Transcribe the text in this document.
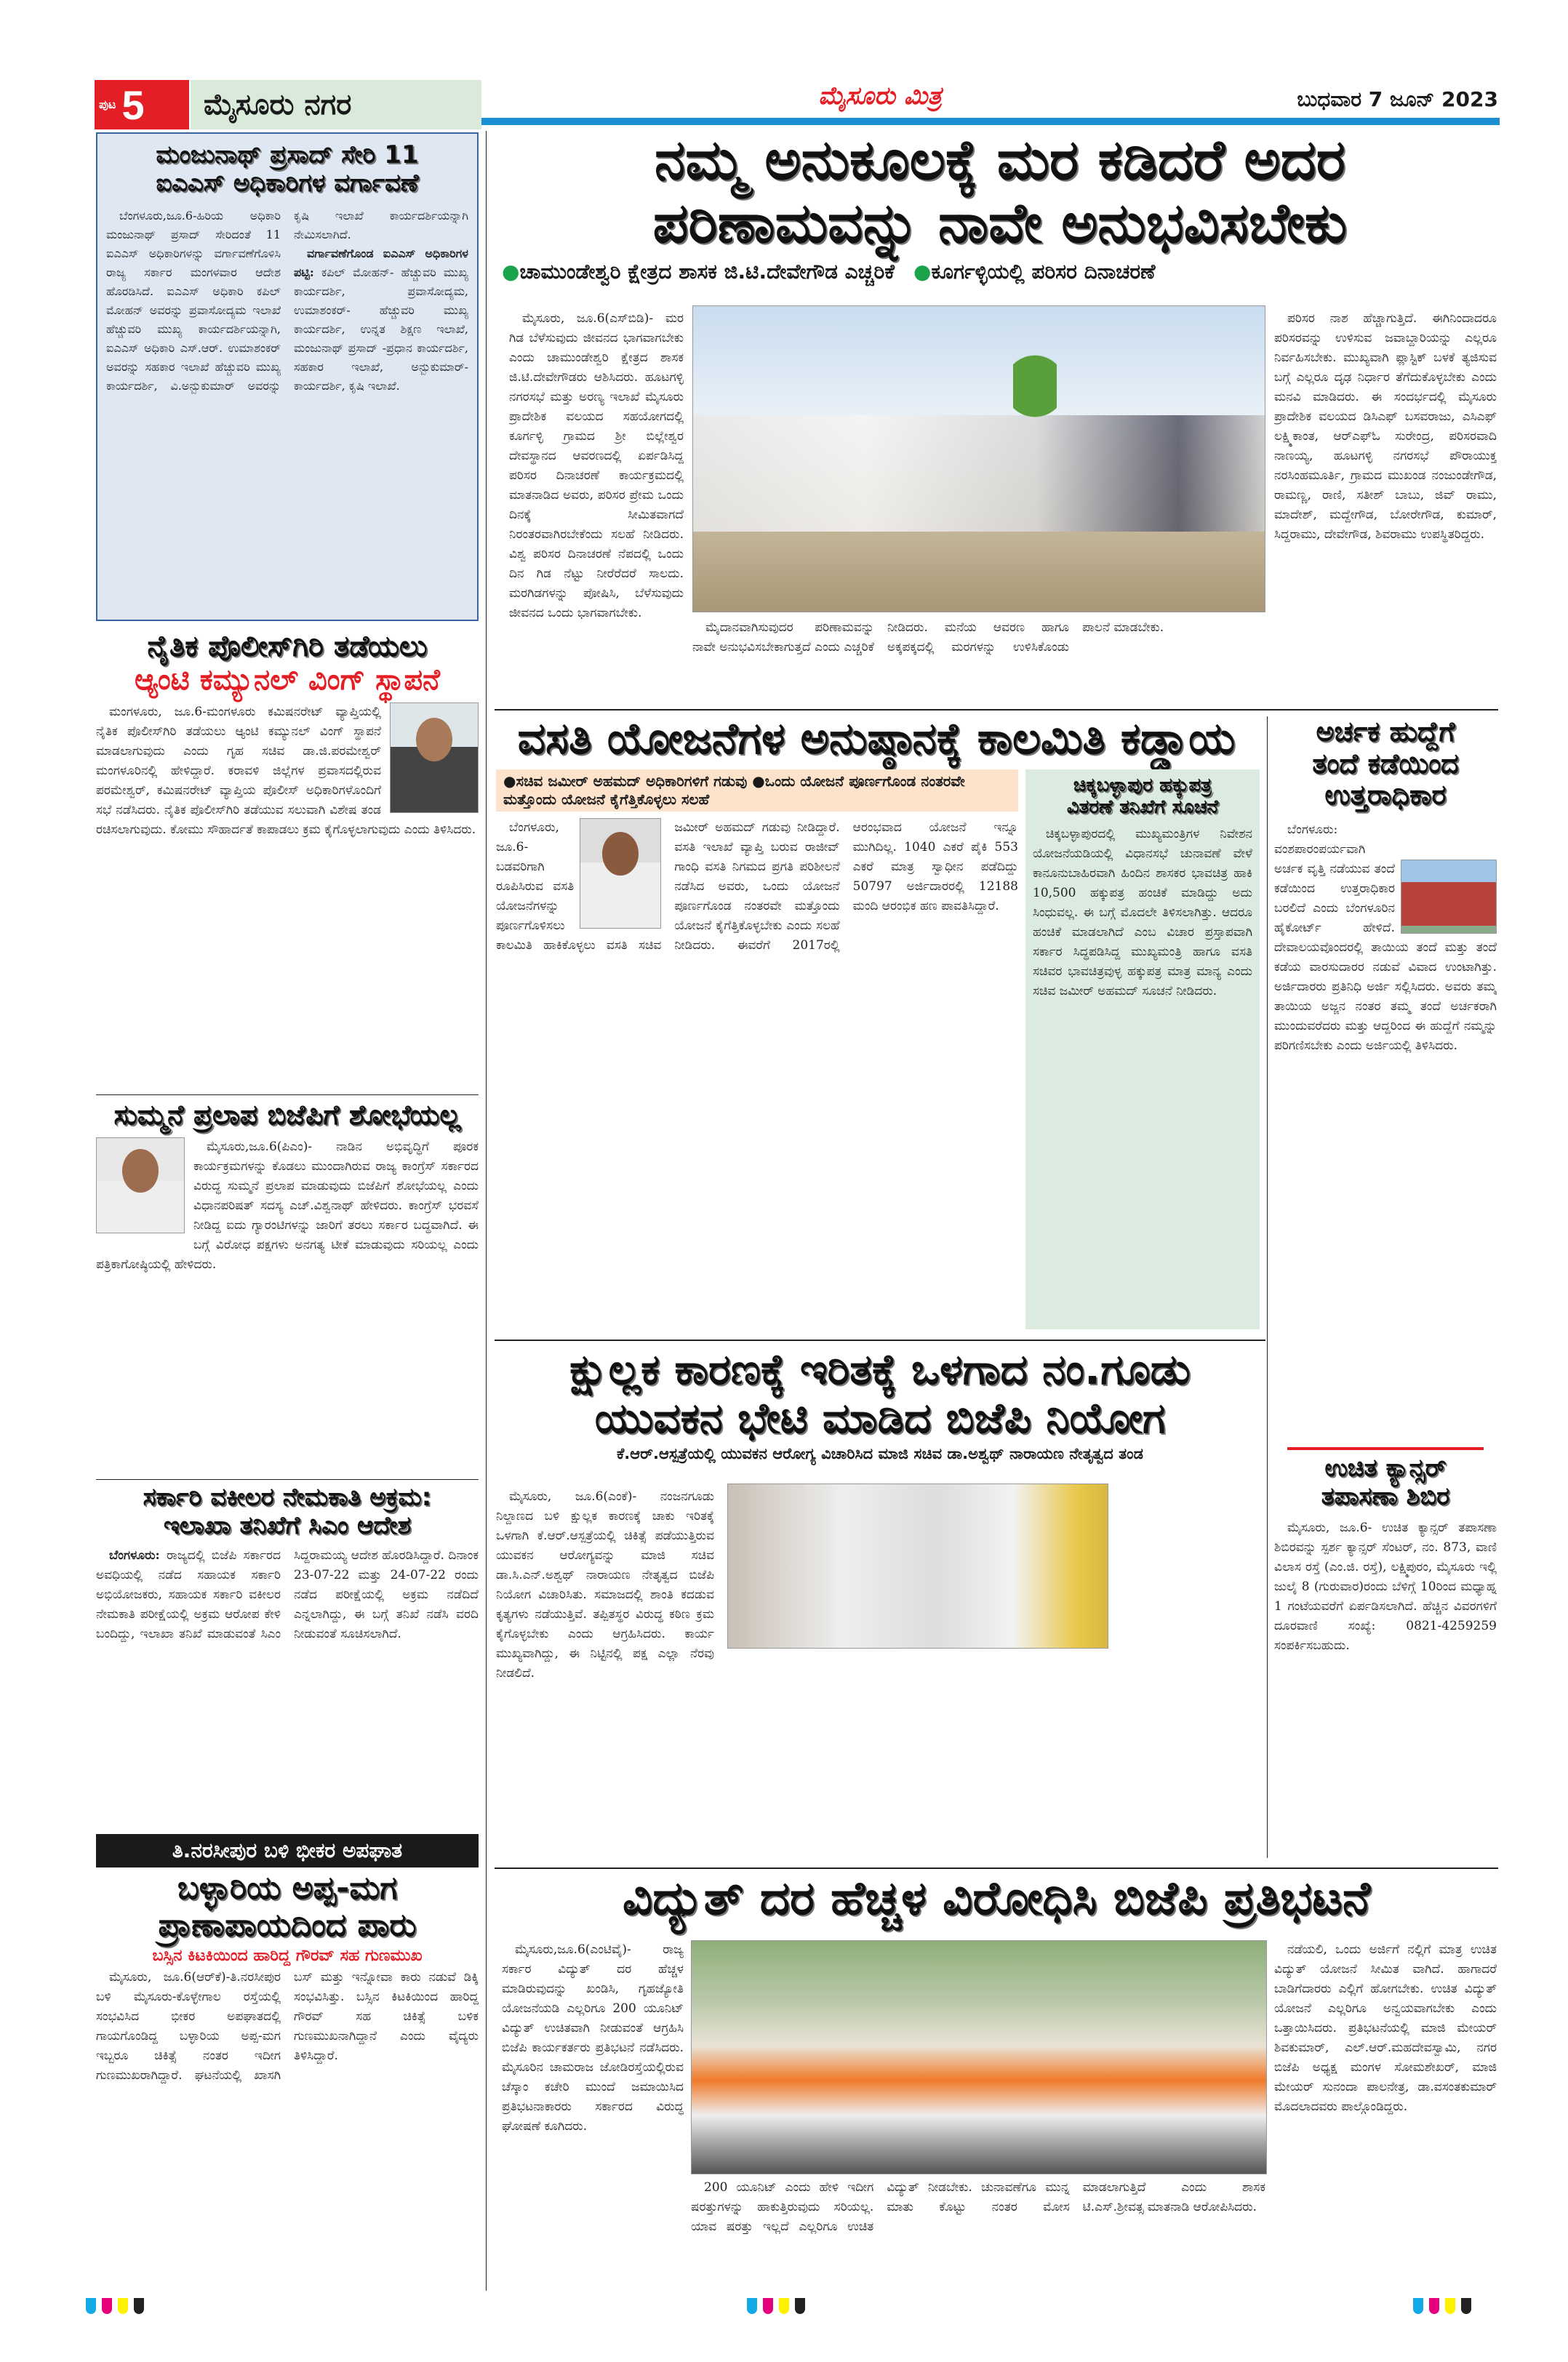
ಪುಟ 5 ಮೈಸೂರು ನಗರ	ಮೈಸೂರು ಮಿತ್ರ	ಬುಧವಾರ 7 ಜೂನ್ 2023
ಮಂಜುನಾಥ್ ಪ್ರಸಾದ್ ಸೇರಿ 11
ಐಎಎಸ್ ಅಧಿಕಾರಿಗಳ ವರ್ಗಾವಣೆ

ಬೆಂಗಳೂರು,ಜೂ.6-ಹಿರಿಯ ಅಧಿಕಾರಿ ಮಂಜುನಾಥ್ ಪ್ರಸಾದ್ ಸೇರಿದಂತೆ 11 ಐಎಎಸ್ ಅಧಿಕಾರಿಗಳನ್ನು ವರ್ಗಾವಣೆಗೊಳಿಸಿ ರಾಜ್ಯ ಸರ್ಕಾರ ಮಂಗಳವಾರ ಆದೇಶ ಹೊರಡಿಸಿದೆ. ಐಎಎಸ್ ಅಧಿಕಾರಿ ಕಪಿಲ್ ಮೋಹನ್ ಅವರನ್ನು ಪ್ರವಾಸೋದ್ಯಮ ಇಲಾಖೆ ಹೆಚ್ಚುವರಿ ಮುಖ್ಯ ಕಾರ್ಯದರ್ಶಿಯನ್ನಾಗಿ, ಐಎಎಸ್ ಅಧಿಕಾರಿ ಎಸ್.ಆರ್. ಉಮಾಶಂಕರ್ ಅವರನ್ನು ಸಹಕಾರ ಇಲಾಖೆ ಹೆಚ್ಚುವರಿ ಮುಖ್ಯ ಕಾರ್ಯದರ್ಶಿ, ವಿ.ಅನ್ಬುಕುಮಾರ್ ಅವರನ್ನು ಕೃಷಿ ಇಲಾಖೆ ಕಾರ್ಯದರ್ಶಿಯನ್ನಾಗಿ ನೇಮಿಸಲಾಗಿದೆ.

ವರ್ಗಾವಣೆಗೊಂಡ ಐಎಎಸ್ ಅಧಿಕಾರಿಗಳ ಪಟ್ಟಿ: ಕಪಿಲ್ ಮೋಹನ್- ಹೆಚ್ಚುವರಿ ಮುಖ್ಯ ಕಾರ್ಯದರ್ಶಿ, ಪ್ರವಾಸೋದ್ಯಮ, ಉಮಾಶಂಕರ್- ಹೆಚ್ಚುವರಿ ಮುಖ್ಯ ಕಾರ್ಯದರ್ಶಿ, ಉನ್ನತ ಶಿಕ್ಷಣ ಇಲಾಖೆ, ಮಂಜುನಾಥ್ ಪ್ರಸಾದ್ -ಪ್ರಧಾನ ಕಾರ್ಯದರ್ಶಿ, ಸಹಕಾರ ಇಲಾಖೆ, ಅನ್ಬುಕುಮಾರ್- ಕಾರ್ಯದರ್ಶಿ, ಕೃಷಿ ಇಲಾಖೆ.

ನೈತಿಕ ಪೊಲೀಸ್‌ಗಿರಿ ತಡೆಯಲು
ಆ್ಯಂಟಿ ಕಮ್ಯುನಲ್ ವಿಂಗ್ ಸ್ಥಾಪನೆ

ಮಂಗಳೂರು, ಜೂ.6-ಮಂಗಳೂರು ಕಮಿಷನರೇಟ್ ವ್ಯಾಪ್ತಿಯಲ್ಲಿ ನೈತಿಕ ಪೊಲೀಸ್‌ಗಿರಿ ತಡೆಯಲು ಆ್ಯಂಟಿ ಕಮ್ಯುನಲ್ ವಿಂಗ್ ಸ್ಥಾಪನೆ ಮಾಡಲಾಗುವುದು ಎಂದು ಗೃಹ ಸಚಿವ ಡಾ.ಜಿ.ಪರಮೇಶ್ವರ್ ಮಂಗಳೂರಿನಲ್ಲಿ ಹೇಳಿದ್ದಾರೆ. ಕರಾವಳಿ ಜಿಲ್ಲೆಗಳ ಪ್ರವಾಸದಲ್ಲಿರುವ ಪರಮೇಶ್ವರ್, ಕಮಿಷನರೇಟ್ ವ್ಯಾಪ್ತಿಯ ಪೊಲೀಸ್ ಅಧಿಕಾರಿಗಳೊಂದಿಗೆ ಸಭೆ ನಡೆಸಿದರು. ನೈತಿಕ ಪೊಲೀಸ್‌ಗಿರಿ ತಡೆಯುವ ಸಲುವಾಗಿ ವಿಶೇಷ ತಂಡ ರಚಿಸಲಾಗುವುದು. ಕೋಮು ಸೌಹಾರ್ದತೆ ಕಾಪಾಡಲು ಕ್ರಮ ಕೈಗೊಳ್ಳಲಾಗುವುದು ಎಂದು ತಿಳಿಸಿದರು.

ಸುಮ್ಮನೆ ಪ್ರಲಾಪ ಬಿಜೆಪಿಗೆ ಶೋಭೆಯಲ್ಲ

ಮೈಸೂರು,ಜೂ.6(ಪಿಎಂ)- ನಾಡಿನ ಅಭಿವೃದ್ಧಿಗೆ ಪೂರಕ ಕಾರ್ಯಕ್ರಮಗಳನ್ನು ಕೊಡಲು ಮುಂದಾಗಿರುವ ರಾಜ್ಯ ಕಾಂಗ್ರೆಸ್ ಸರ್ಕಾರದ ವಿರುದ್ಧ ಸುಮ್ಮನೆ ಪ್ರಲಾಪ ಮಾಡುವುದು ಬಿಜೆಪಿಗೆ ಶೋಭೆಯಲ್ಲ ಎಂದು ವಿಧಾನಪರಿಷತ್ ಸದಸ್ಯ ಎಚ್.ವಿಶ್ವನಾಥ್ ಹೇಳಿದರು. ಕಾಂಗ್ರೆಸ್ ಭರವಸೆ ನೀಡಿದ್ದ ಐದು ಗ್ಯಾರಂಟಿಗಳನ್ನು ಜಾರಿಗೆ ತರಲು ಸರ್ಕಾರ ಬದ್ಧವಾಗಿದೆ. ಈ ಬಗ್ಗೆ ವಿರೋಧ ಪಕ್ಷಗಳು ಅನಗತ್ಯ ಟೀಕೆ ಮಾಡುವುದು ಸರಿಯಲ್ಲ ಎಂದು ಪತ್ರಿಕಾಗೋಷ್ಠಿಯಲ್ಲಿ ಹೇಳಿದರು.

ಸರ್ಕಾರಿ ವಕೀಲರ ನೇಮಕಾತಿ ಅಕ್ರಮ:
ಇಲಾಖಾ ತನಿಖೆಗೆ ಸಿಎಂ ಆದೇಶ

ಬೆಂಗಳೂರು: ರಾಜ್ಯದಲ್ಲಿ ಬಿಜೆಪಿ ಸರ್ಕಾರದ ಅವಧಿಯಲ್ಲಿ ನಡೆದ ಸಹಾಯಕ ಸರ್ಕಾರಿ ಅಭಿಯೋಜಕರು, ಸಹಾಯಕ ಸರ್ಕಾರಿ ವಕೀಲರ ನೇಮಕಾತಿ ಪರೀಕ್ಷೆಯಲ್ಲಿ ಅಕ್ರಮ ಆರೋಪ ಕೇಳಿ ಬಂದಿದ್ದು, ಇಲಾಖಾ ತನಿಖೆ ಮಾಡುವಂತೆ ಸಿಎಂ ಸಿದ್ದರಾಮಯ್ಯ ಆದೇಶ ಹೊರಡಿಸಿದ್ದಾರೆ. ದಿನಾಂಕ 23-07-22 ಮತ್ತು 24-07-22 ರಂದು ನಡೆದ ಪರೀಕ್ಷೆಯಲ್ಲಿ ಅಕ್ರಮ ನಡೆದಿದೆ ಎನ್ನಲಾಗಿದ್ದು, ಈ ಬಗ್ಗೆ ತನಿಖೆ ನಡೆಸಿ ವರದಿ ನೀಡುವಂತೆ ಸೂಚಿಸಲಾಗಿದೆ.

ತಿ.ನರಸೀಪುರ ಬಳಿ ಭೀಕರ ಅಪಘಾತ
ಬಳ್ಳಾರಿಯ ಅಪ್ಪ-ಮಗ
ಪ್ರಾಣಾಪಾಯದಿಂದ ಪಾರು
ಬಸ್ಸಿನ ಕಿಟಕಿಯಿಂದ ಹಾರಿದ್ದ ಗೌರವ್ ಸಹ ಗುಣಮುಖ

ಮೈಸೂರು, ಜೂ.6(ಆರ್‌ಕೆ)-ತಿ.ನರಸೀಪುರ ಬಳಿ ಮೈಸೂರು-ಕೊಳ್ಳೇಗಾಲ ರಸ್ತೆಯಲ್ಲಿ ಸಂಭವಿಸಿದ ಭೀಕರ ಅಪಘಾತದಲ್ಲಿ ಗಾಯಗೊಂಡಿದ್ದ ಬಳ್ಳಾರಿಯ ಅಪ್ಪ-ಮಗ ಇಬ್ಬರೂ ಚಿಕಿತ್ಸೆ ನಂತರ ಇದೀಗ ಗುಣಮುಖರಾಗಿದ್ದಾರೆ. ಘಟನೆಯಲ್ಲಿ ಖಾಸಗಿ ಬಸ್ ಮತ್ತು ಇನ್ನೋವಾ ಕಾರು ನಡುವೆ ಡಿಕ್ಕಿ ಸಂಭವಿಸಿತ್ತು. ಬಸ್ಸಿನ ಕಿಟಕಿಯಿಂದ ಹಾರಿದ್ದ ಗೌರವ್ ಸಹ ಚಿಕಿತ್ಸೆ ಬಳಿಕ ಗುಣಮುಖನಾಗಿದ್ದಾನೆ ಎಂದು ವೈದ್ಯರು ತಿಳಿಸಿದ್ದಾರೆ.

ನಮ್ಮ ಅನುಕೂಲಕ್ಕೆ ಮರ ಕಡಿದರೆ ಅದರ
ಪರಿಣಾಮವನ್ನು ನಾವೇ ಅನುಭವಿಸಬೇಕು
●ಚಾಮುಂಡೇಶ್ವರಿ ಕ್ಷೇತ್ರದ ಶಾಸಕ ಜಿ.ಟಿ.ದೇವೇಗೌಡ ಎಚ್ಚರಿಕೆ ●ಕೂರ್ಗಳ್ಳಿಯಲ್ಲಿ ಪರಿಸರ ದಿನಾಚರಣೆ

ಮೈಸೂರು, ಜೂ.6(ಎಸ್‌ಬಿಡಿ)- ಮರ ಗಿಡ ಬೆಳೆಸುವುದು ಜೀವನದ ಭಾಗವಾಗಬೇಕು ಎಂದು ಚಾಮುಂಡೇಶ್ವರಿ ಕ್ಷೇತ್ರದ ಶಾಸಕ ಜಿ.ಟಿ.ದೇವೇಗೌಡರು ಆಶಿಸಿದರು. ಹೂಟಗಳ್ಳಿ ನಗರಸಭೆ ಮತ್ತು ಅರಣ್ಯ ಇಲಾಖೆ ಮೈಸೂರು ಪ್ರಾದೇಶಿಕ ವಲಯದ ಸಹಯೋಗದಲ್ಲಿ ಕೂರ್ಗಳ್ಳಿ ಗ್ರಾಮದ ಶ್ರೀ ಬಿಲ್ಲೇಶ್ವರ ದೇವಸ್ಥಾನದ ಆವರಣದಲ್ಲಿ ಏರ್ಪಡಿಸಿದ್ದ ಪರಿಸರ ದಿನಾಚರಣೆ ಕಾರ್ಯಕ್ರಮದಲ್ಲಿ ಮಾತನಾಡಿದ ಅವರು, ಪರಿಸರ ಪ್ರೇಮ ಒಂದು ದಿನಕ್ಕೆ ಸೀಮಿತವಾಗದೆ ನಿರಂತರವಾಗಿರಬೇಕೆಂದು ಸಲಹೆ ನೀಡಿದರು. ವಿಶ್ವ ಪರಿಸರ ದಿನಾಚರಣೆ ನೆಪದಲ್ಲಿ ಒಂದು ದಿನ ಗಿಡ ನೆಟ್ಟು ನೀರೆರೆದರೆ ಸಾಲದು. ಮರಗಿಡಗಳನ್ನು ಪೋಷಿಸಿ, ಬೆಳೆಸುವುದು ಜೀವನದ ಒಂದು ಭಾಗವಾಗಬೇಕು.

ಮೈದಾನವಾಗಿಸುವುದರ ಪರಿಣಾಮವನ್ನು ನಾವೇ ಅನುಭವಿಸಬೇಕಾಗುತ್ತದೆ ಎಂದು ಎಚ್ಚರಿಕೆ ನೀಡಿದರು. ಮನೆಯ ಆವರಣ ಹಾಗೂ ಅಕ್ಕಪಕ್ಕದಲ್ಲಿ ಮರಗಳನ್ನು ಉಳಿಸಿಕೊಂಡು ಪಾಲನೆ ಮಾಡಬೇಕು.

ಪರಿಸರ ನಾಶ ಹೆಚ್ಚಾಗುತ್ತಿದೆ. ಈಗಿನಿಂದಾದರೂ ಪರಿಸರವನ್ನು ಉಳಿಸುವ ಜವಾಬ್ದಾರಿಯನ್ನು ಎಲ್ಲರೂ ನಿರ್ವಹಿಸಬೇಕು. ಮುಖ್ಯವಾಗಿ ಪ್ಲಾಸ್ಟಿಕ್ ಬಳಕೆ ತ್ಯಜಿಸುವ ಬಗ್ಗೆ ಎಲ್ಲರೂ ದೃಢ ನಿರ್ಧಾರ ತೆಗೆದುಕೊಳ್ಳಬೇಕು ಎಂದು ಮನವಿ ಮಾಡಿದರು. ಈ ಸಂದರ್ಭದಲ್ಲಿ ಮೈಸೂರು ಪ್ರಾದೇಶಿಕ ವಲಯದ ಡಿಸಿಎಫ್ ಬಸವರಾಜು, ಎಸಿಎಫ್ ಲಕ್ಷ್ಮಿಕಾಂತ, ಆರ್‌ಎಫ್‌ಓ ಸುರೇಂದ್ರ, ಪರಿಸರವಾದಿ ನಾಣಯ್ಯ, ಹೂಟಗಳ್ಳಿ ನಗರಸಭೆ ಪೌರಾಯುಕ್ತ ನರಸಿಂಹಮೂರ್ತಿ, ಗ್ರಾಮದ ಮುಖಂಡ ನಂಜುಂಡೇಗೌಡ, ರಾಮಣ್ಣ, ರಾಣಿ, ಸತೀಶ್ ಬಾಬು, ಜಿವ್ ರಾಮು, ಮಾದೇಶ್, ಮದ್ದೇಗೌಡ, ಬೋರೇಗೌಡ, ಕುಮಾರ್, ಸಿದ್ದರಾಮು, ದೇವೇಗೌಡ, ಶಿವರಾಮು ಉಪಸ್ಥಿತರಿದ್ದರು.

ವಸತಿ ಯೋಜನೆಗಳ ಅನುಷ್ಠಾನಕ್ಕೆ ಕಾಲಮಿತಿ ಕಡ್ಡಾಯ
●ಸಚಿವ ಜಮೀರ್ ಅಹಮದ್ ಅಧಿಕಾರಿಗಳಿಗೆ ಗಡುವು ●ಒಂದು ಯೋಜನೆ ಪೂರ್ಣಗೊಂಡ ನಂತರವೇ ಮತ್ತೊಂದು ಯೋಜನೆ ಕೈಗೆತ್ತಿಕೊಳ್ಳಲು ಸಲಹೆ

ಬೆಂಗಳೂರು, ಜೂ.6- ಬಡವರಿಗಾಗಿ ರೂಪಿಸಿರುವ ವಸತಿ ಯೋಜನೆಗಳನ್ನು ಪೂರ್ಣಗೊಳಿಸಲು ಕಾಲಮಿತಿ ಹಾಕಿಕೊಳ್ಳಲು ವಸತಿ ಸಚಿವ ಜಮೀರ್ ಅಹಮದ್ ಗಡುವು ನೀಡಿದ್ದಾರೆ. ವಸತಿ ಇಲಾಖೆ ವ್ಯಾಪ್ತಿ ಬರುವ ರಾಜೀವ್ ಗಾಂಧಿ ವಸತಿ ನಿಗಮದ ಪ್ರಗತಿ ಪರಿಶೀಲನೆ ನಡೆಸಿದ ಅವರು, ಒಂದು ಯೋಜನೆ ಪೂರ್ಣಗೊಂಡ ನಂತರವೇ ಮತ್ತೊಂದು ಯೋಜನೆ ಕೈಗೆತ್ತಿಕೊಳ್ಳಬೇಕು ಎಂದು ಸಲಹೆ ನೀಡಿದರು. ಈವರೆಗೆ 2017ರಲ್ಲಿ ಆರಂಭವಾದ ಯೋಜನೆ ಇನ್ನೂ ಮುಗಿದಿಲ್ಲ. 1040 ಎಕರೆ ಪೈಕಿ 553 ಎಕರೆ ಮಾತ್ರ ಸ್ವಾಧೀನ ಪಡೆದಿದ್ದು 50797 ಅರ್ಜಿದಾರರಲ್ಲಿ 12188 ಮಂದಿ ಆರಂಭಿಕ ಹಣ ಪಾವತಿಸಿದ್ದಾರೆ.

ಚಿಕ್ಕಬಳ್ಳಾಪುರ ಹಕ್ಕುಪತ್ರ
ವಿತರಣೆ ತನಿಖೆಗೆ ಸೂಚನೆ

ಚಿಕ್ಕಬಳ್ಳಾಪುರದಲ್ಲಿ ಮುಖ್ಯಮಂತ್ರಿಗಳ ನಿವೇಶನ ಯೋಜನೆಯಡಿಯಲ್ಲಿ ವಿಧಾನಸಭೆ ಚುನಾವಣೆ ವೇಳೆ ಕಾನೂನುಬಾಹಿರವಾಗಿ ಹಿಂದಿನ ಶಾಸಕರ ಭಾವಚಿತ್ರ ಹಾಕಿ 10,500 ಹಕ್ಕುಪತ್ರ ಹಂಚಿಕೆ ಮಾಡಿದ್ದು ಅದು ಸಿಂಧುವಲ್ಲ. ಈ ಬಗ್ಗೆ ಮೊದಲೇ ತಿಳಿಸಲಾಗಿತ್ತು. ಆದರೂ ಹಂಚಿಕೆ ಮಾಡಲಾಗಿದೆ ಎಂಬ ವಿಚಾರ ಪ್ರಸ್ತಾಪವಾಗಿ ಸರ್ಕಾರ ಸಿದ್ಧಪಡಿಸಿದ್ದ ಮುಖ್ಯಮಂತ್ರಿ ಹಾಗೂ ವಸತಿ ಸಚಿವರ ಭಾವಚಿತ್ರವುಳ್ಳ ಹಕ್ಕುಪತ್ರ ಮಾತ್ರ ಮಾನ್ಯ ಎಂದು ಸಚಿವ ಜಮೀರ್ ಅಹಮದ್ ಸೂಚನೆ ನೀಡಿದರು.

ಅರ್ಚಕ ಹುದ್ದೆಗೆ
ತಂದೆ ಕಡೆಯಿಂದ
ಉತ್ತರಾಧಿಕಾರ

ಬೆಂಗಳೂರು: ವಂಶಪಾರಂಪರ್ಯವಾಗಿ ಅರ್ಚಕ ವೃತ್ತಿ ನಡೆಯುವ ತಂದೆ ಕಡೆಯಿಂದ ಉತ್ತರಾಧಿಕಾರ ಬರಲಿದೆ ಎಂದು ಬೆಂಗಳೂರಿನ ಹೈಕೋರ್ಟ್ ಹೇಳಿದೆ. ದೇವಾಲಯವೊಂದರಲ್ಲಿ ತಾಯಿಯ ತಂದೆ ಮತ್ತು ತಂದೆ ಕಡೆಯ ವಾರಸುದಾರರ ನಡುವೆ ವಿವಾದ ಉಂಟಾಗಿತ್ತು. ಅರ್ಜಿದಾರರು ಪ್ರತಿನಿಧಿ ಅರ್ಜಿ ಸಲ್ಲಿಸಿದರು. ಅವರು ತಮ್ಮ ತಾಯಿಯ ಅಜ್ಜನ ನಂತರ ತಮ್ಮ ತಂದೆ ಅರ್ಚಕರಾಗಿ ಮುಂದುವರೆದರು ಮತ್ತು ಆದ್ದರಿಂದ ಈ ಹುದ್ದೆಗೆ ನಮ್ಮನ್ನು ಪರಿಗಣಿಸಬೇಕು ಎಂದು ಅರ್ಜಿಯಲ್ಲಿ ತಿಳಿಸಿದರು.

ಉಚಿತ ಕ್ಯಾನ್ಸರ್
ತಪಾಸಣಾ ಶಿಬಿರ

ಮೈಸೂರು, ಜೂ.6- ಉಚಿತ ಕ್ಯಾನ್ಸರ್ ತಪಾಸಣಾ ಶಿಬಿರವನ್ನು ಸ್ಪರ್ಶ ಕ್ಯಾನ್ಸರ್ ಸೆಂಟರ್, ನಂ. 873, ವಾಣಿ ವಿಲಾಸ ರಸ್ತೆ (ಎಂ.ಜಿ. ರಸ್ತೆ), ಲಕ್ಷ್ಮಿಪುರಂ, ಮೈಸೂರು ಇಲ್ಲಿ ಜುಲೈ 8 (ಗುರುವಾರ)ರಂದು ಬೆಳಿಗ್ಗೆ 10ರಿಂದ ಮಧ್ಯಾಹ್ನ 1 ಗಂಟೆಯವರೆಗೆ ಏರ್ಪಡಿಸಲಾಗಿದೆ. ಹೆಚ್ಚಿನ ವಿವರಗಳಿಗೆ ದೂರವಾಣಿ ಸಂಖ್ಯೆ: 0821-4259259 ಸಂಪರ್ಕಿಸಬಹುದು.

ಕ್ಷುಲ್ಲಕ ಕಾರಣಕ್ಕೆ ಇರಿತಕ್ಕೆ ಒಳಗಾದ ನಂ.ಗೂಡು
ಯುವಕನ ಭೇಟಿ ಮಾಡಿದ ಬಿಜೆಪಿ ನಿಯೋಗ
ಕೆ.ಆರ್.ಆಸ್ಪತ್ರೆಯಲ್ಲಿ ಯುವಕನ ಆರೋಗ್ಯ ವಿಚಾರಿಸಿದ ಮಾಜಿ ಸಚಿವ ಡಾ.ಅಶ್ವಥ್ ನಾರಾಯಣ ನೇತೃತ್ವದ ತಂಡ

ಮೈಸೂರು, ಜೂ.6(ಎಂಕೆ)- ನಂಜನಗೂಡು ನಿಲ್ದಾಣದ ಬಳಿ ಕ್ಷುಲ್ಲಕ ಕಾರಣಕ್ಕೆ ಚಾಕು ಇರಿತಕ್ಕೆ ಒಳಗಾಗಿ ಕೆ.ಆರ್.ಆಸ್ಪತ್ರೆಯಲ್ಲಿ ಚಿಕಿತ್ಸೆ ಪಡೆಯುತ್ತಿರುವ ಯುವಕನ ಆರೋಗ್ಯವನ್ನು ಮಾಜಿ ಸಚಿವ ಡಾ.ಸಿ.ಎನ್.ಅಶ್ವಥ್ ನಾರಾಯಣ ನೇತೃತ್ವದ ಬಿಜೆಪಿ ನಿಯೋಗ ವಿಚಾರಿಸಿತು. ಸಮಾಜದಲ್ಲಿ ಶಾಂತಿ ಕದಡುವ ಕೃತ್ಯಗಳು ನಡೆಯುತ್ತಿವೆ. ತಪ್ಪಿತಸ್ಥರ ವಿರುದ್ಧ ಕಠಿಣ ಕ್ರಮ ಕೈಗೊಳ್ಳಬೇಕು ಎಂದು ಆಗ್ರಹಿಸಿದರು. ಕಾರ್ಯ ಮುಖ್ಯವಾಗಿದ್ದು, ಈ ನಿಟ್ಟಿನಲ್ಲಿ ಪಕ್ಷ ಎಲ್ಲಾ ನೆರವು ನೀಡಲಿದೆ.

ವಿದ್ಯುತ್ ದರ ಹೆಚ್ಚಳ ವಿರೋಧಿಸಿ ಬಿಜೆಪಿ ಪ್ರತಿಭಟನೆ

ಮೈಸೂರು,ಜೂ.6(ಎಂಟಿವೈ)- ರಾಜ್ಯ ಸರ್ಕಾರ ವಿದ್ಯುತ್ ದರ ಹೆಚ್ಚಳ ಮಾಡಿರುವುದನ್ನು ಖಂಡಿಸಿ, ಗೃಹಜ್ಯೋತಿ ಯೋಜನೆಯಡಿ ಎಲ್ಲರಿಗೂ 200 ಯೂನಿಟ್ ವಿದ್ಯುತ್ ಉಚಿತವಾಗಿ ನೀಡುವಂತೆ ಆಗ್ರಹಿಸಿ ಬಿಜೆಪಿ ಕಾರ್ಯಕರ್ತರು ಪ್ರತಿಭಟನೆ ನಡೆಸಿದರು. ಮೈಸೂರಿನ ಚಾಮರಾಜ ಜೋಡಿರಸ್ತೆಯಲ್ಲಿರುವ ಚೆಸ್ಕಾಂ ಕಚೇರಿ ಮುಂದೆ ಜಮಾಯಿಸಿದ ಪ್ರತಿಭಟನಾಕಾರರು ಸರ್ಕಾರದ ವಿರುದ್ಧ ಘೋಷಣೆ ಕೂಗಿದರು.

200 ಯೂನಿಟ್ ಎಂದು ಹೇಳಿ ಇದೀಗ ಷರತ್ತುಗಳನ್ನು ಹಾಕುತ್ತಿರುವುದು ಸರಿಯಲ್ಲ. ಯಾವ ಷರತ್ತು ಇಲ್ಲದೆ ಎಲ್ಲರಿಗೂ ಉಚಿತ ವಿದ್ಯುತ್ ನೀಡಬೇಕು. ಚುನಾವಣೆಗೂ ಮುನ್ನ ಮಾತು ಕೊಟ್ಟು ನಂತರ ಮೋಸ ಮಾಡಲಾಗುತ್ತಿದೆ ಎಂದು ಶಾಸಕ ಟಿ.ಎಸ್.ಶ್ರೀವತ್ಸ ಮಾತನಾಡಿ ಆರೋಪಿಸಿದರು.

ನಡೆಯಲಿ, ಒಂದು ಅರ್ಜಿಗೆ ನಲ್ಲಿಗೆ ಮಾತ್ರ ಉಚಿತ ವಿದ್ಯುತ್ ಯೋಜನೆ ಸೀಮಿತ ವಾಗಿದೆ. ಹಾಗಾದರೆ ಬಾಡಿಗೆದಾರರು ಎಲ್ಲಿಗೆ ಹೋಗಬೇಕು. ಉಚಿತ ವಿದ್ಯುತ್ ಯೋಜನೆ ಎಲ್ಲರಿಗೂ ಅನ್ವಯವಾಗಬೇಕು ಎಂದು ಒತ್ತಾಯಿಸಿದರು. ಪ್ರತಿಭಟನೆಯಲ್ಲಿ ಮಾಜಿ ಮೇಯರ್ ಶಿವಕುಮಾರ್, ಎಲ್.ಆರ್.ಮಹದೇವಸ್ವಾಮಿ, ನಗರ ಬಿಜೆಪಿ ಅಧ್ಯಕ್ಷ ಮಂಗಳ ಸೋಮಶೇಖರ್, ಮಾಜಿ ಮೇಯರ್ ಸುನಂದಾ ಪಾಲನೇತ್ರ, ಡಾ.ವಸಂತಕುಮಾರ್ ಮೊದಲಾದವರು ಪಾಲ್ಗೊಂಡಿದ್ದರು.
